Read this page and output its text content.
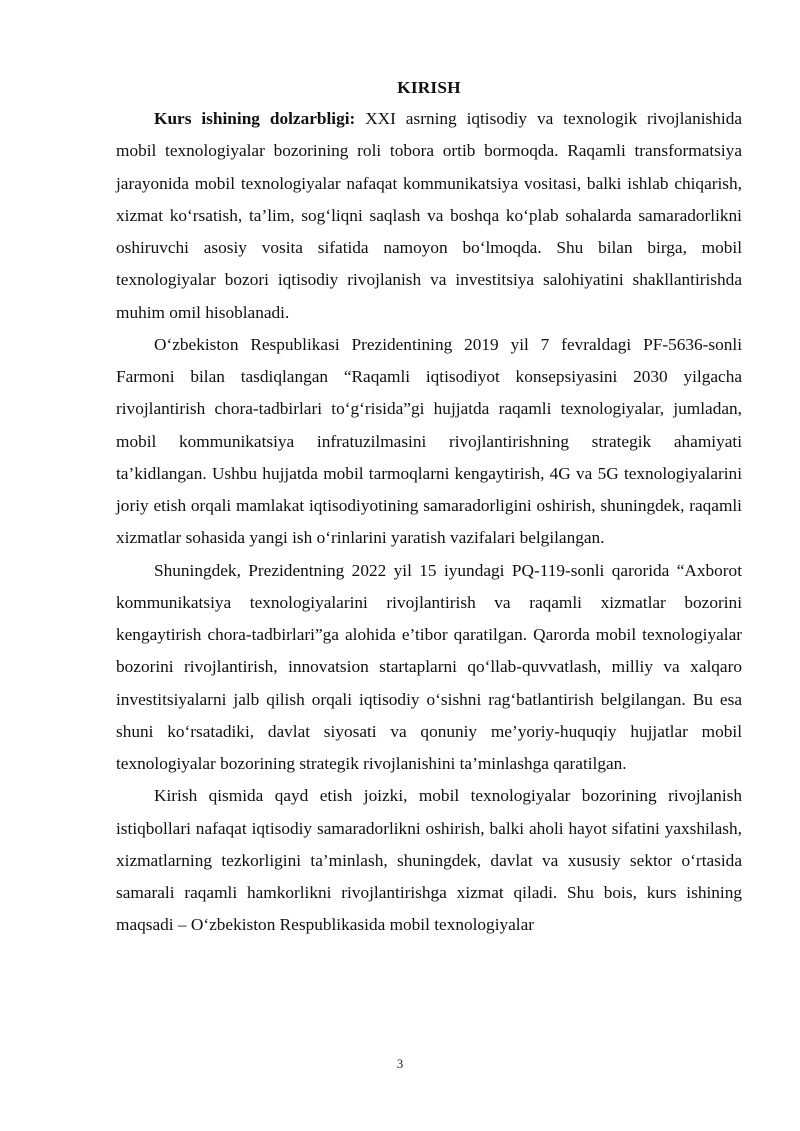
KIRISH

Kurs ishining dolzarbligi: XXI asrning iqtisodiy va texnologik rivojlanishida mobil texnologiyalar bozorining roli tobora ortib bormoqda. Raqamli transformatsiya jarayonida mobil texnologiyalar nafaqat kommunikatsiya vositasi, balki ishlab chiqarish, xizmat ko‘rsatish, ta’lim, sog‘liqni saqlash va boshqa ko‘plab sohalarda samaradorlikni oshiruvchi asosiy vosita sifatida namoyon bo‘lmoqda. Shu bilan birga, mobil texnologiyalar bozori iqtisodiy rivojlanish va investitsiya salohiyatini shakllantirishda muhim omil hisoblanadi.

O‘zbekiston Respublikasi Prezidentining 2019 yil 7 fevraldagi PF-5636-sonli Farmoni bilan tasdiqlangan “Raqamli iqtisodiyot konsepsiyasini 2030 yilgacha rivojlantirish chora-tadbirlari to‘g‘risida”gi hujjatda raqamli texnologiyalar, jumladan, mobil kommunikatsiya infratuzilmasini rivojlantirishning strategik ahamiyati ta’kidlangan. Ushbu hujjatda mobil tarmoqlarni kengaytirish, 4G va 5G texnologiyalarini joriy etish orqali mamlakat iqtisodiyotining samaradorligini oshirish, shuningdek, raqamli xizmatlar sohasida yangi ish o‘rinlarini yaratish vazifalari belgilangan.

Shuningdek, Prezidentning 2022 yil 15 iyundagi PQ-119-sonli qarorida “Axborot kommunikatsiya texnologiyalarini rivojlantirish va raqamli xizmatlar bozorini kengaytirish chora-tadbirlari”ga alohida e’tibor qaratilgan. Qarorda mobil texnologiyalar bozorini rivojlantirish, innovatsion startaplarni qo‘llab-quvvatlash, milliy va xalqaro investitsiyalarni jalb qilish orqali iqtisodiy o‘sishni rag‘batlantirish belgilangan. Bu esa shuni ko‘rsatadiki, davlat siyosati va qonuniy me’yoriy-huquqiy hujjatlar mobil texnologiyalar bozorining strategik rivojlanishini ta’minlashga qaratilgan.

Kirish qismida qayd etish joizki, mobil texnologiyalar bozorining rivojlanish istiqbollari nafaqat iqtisodiy samaradorlikni oshirish, balki aholi hayot sifatini yaxshilash, xizmatlarning tezkorligini ta’minlash, shuningdek, davlat va xususiy sektor o‘rtasida samarali raqamli hamkorlikni rivojlantirishga xizmat qiladi. Shu bois, kurs ishining maqsadi – O‘zbekiston Respublikasida mobil texnologiyalar

3
